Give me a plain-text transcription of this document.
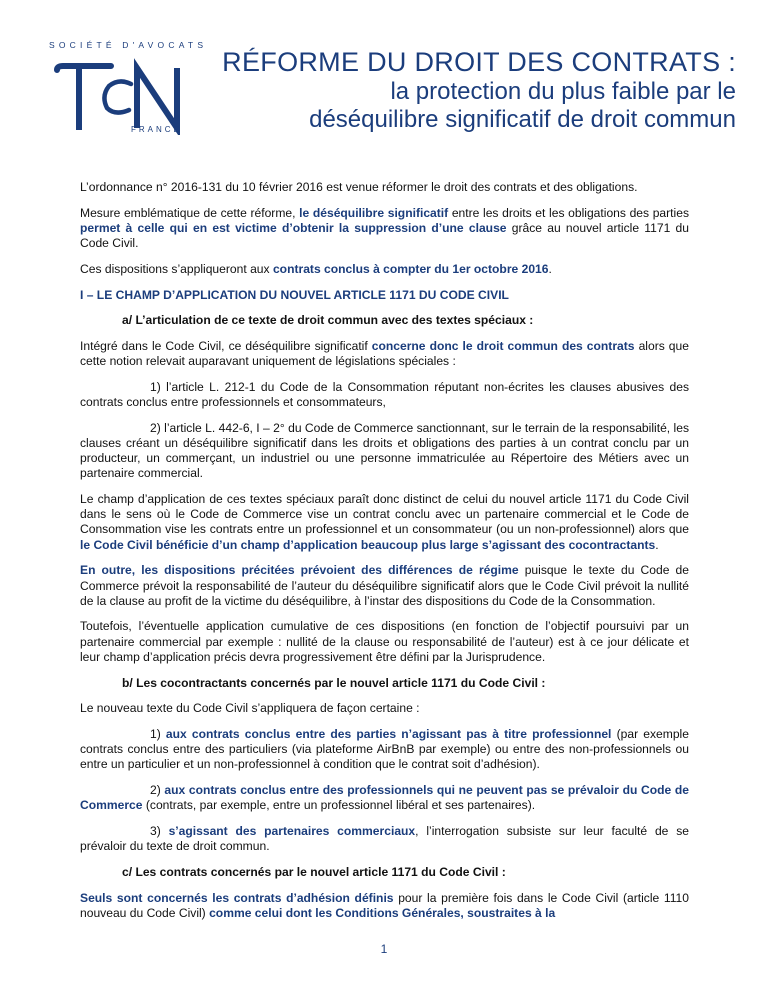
SOCIÉTÉ D'AVOCATS
FRANCE
RÉFORME DU DROIT DES CONTRATS :
la protection du plus faible par le
déséquilibre significatif de droit commun

L’ordonnance n° 2016-131 du 10 février 2016 est venue réformer le droit des contrats et des obligations.

Mesure emblématique de cette réforme, le déséquilibre significatif entre les droits et les obligations des parties permet à celle qui en est victime d’obtenir la suppression d’une clause grâce au nouvel article 1171 du Code Civil.

Ces dispositions s’appliqueront aux contrats conclus à compter du 1er octobre 2016.

I – LE CHAMP D’APPLICATION DU NOUVEL ARTICLE 1171 DU CODE CIVIL
a/ L’articulation de ce texte de droit commun avec des textes spéciaux :

Intégré dans le Code Civil, ce déséquilibre significatif concerne donc le droit commun des contrats alors que cette notion relevait auparavant uniquement de législations spéciales :

1) l’article L. 212-1 du Code de la Consommation réputant non-écrites les clauses abusives des contrats conclus entre professionnels et consommateurs,

2) l’article L. 442-6, I – 2° du Code de Commerce sanctionnant, sur le terrain de la responsabilité, les clauses créant un déséquilibre significatif dans les droits et obligations des parties à un contrat conclu par un producteur, un commerçant, un industriel ou une personne immatriculée au Répertoire des Métiers avec un partenaire commercial.

Le champ d’application de ces textes spéciaux paraît donc distinct de celui du nouvel article 1171 du Code Civil dans le sens où le Code de Commerce vise un contrat conclu avec un partenaire commercial et le Code de Consommation vise les contrats entre un professionnel et un consommateur (ou un non-professionnel) alors que le Code Civil bénéficie d’un champ d’application beaucoup plus large s’agissant des cocontractants.

En outre, les dispositions précitées prévoient des différences de régime puisque le texte du Code de Commerce prévoit la responsabilité de l’auteur du déséquilibre significatif alors que le Code Civil prévoit la nullité de la clause au profit de la victime du déséquilibre, à l’instar des dispositions du Code de la Consommation.

Toutefois, l’éventuelle application cumulative de ces dispositions (en fonction de l’objectif poursuivi par un partenaire commercial par exemple : nullité de la clause ou responsabilité de l’auteur) est à ce jour délicate et leur champ d’application précis devra progressivement être défini par la Jurisprudence.

b/ Les cocontractants concernés par le nouvel article 1171 du Code Civil :

Le nouveau texte du Code Civil s’appliquera de façon certaine :

1) aux contrats conclus entre des parties n’agissant pas à titre professionnel (par exemple contrats conclus entre des particuliers (via plateforme AirBnB par exemple) ou entre des non-professionnels ou entre un particulier et un non-professionnel à condition que le contrat soit d’adhésion).

2) aux contrats conclus entre des professionnels qui ne peuvent pas se prévaloir du Code de Commerce (contrats, par exemple, entre un professionnel libéral et ses partenaires).

3) s’agissant des partenaires commerciaux, l’interrogation subsiste sur leur faculté de se prévaloir du texte de droit commun.

c/ Les contrats concernés par le nouvel article 1171 du Code Civil :

Seuls sont concernés les contrats d’adhésion définis pour la première fois dans le Code Civil (article 1110 nouveau du Code Civil) comme celui dont les Conditions Générales, soustraites à la

1
